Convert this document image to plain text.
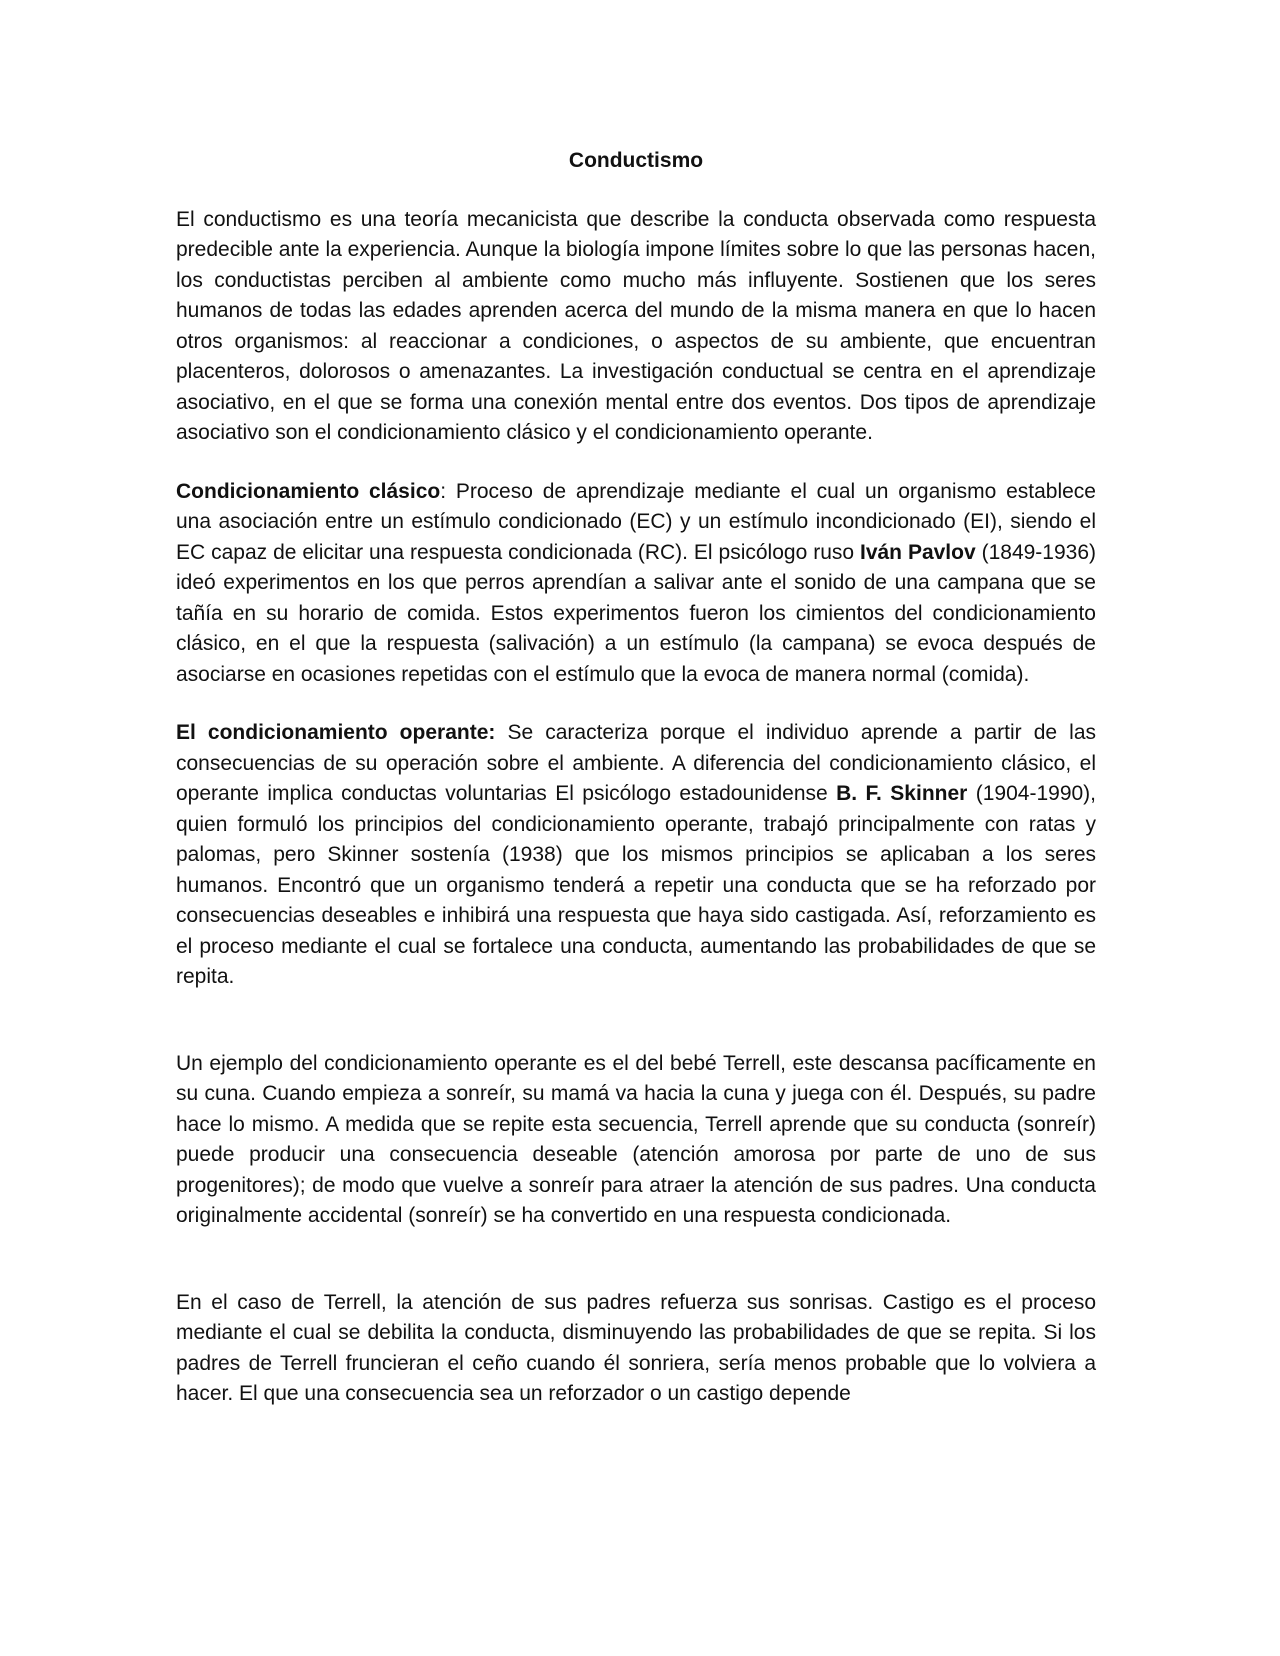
Conductismo

El conductismo es una teoría mecanicista que describe la conducta observada como respuesta predecible ante la experiencia. Aunque la biología impone límites sobre lo que las personas hacen, los conductistas perciben al ambiente como mucho más influyente. Sostienen que los seres humanos de todas las edades aprenden acerca del mundo de la misma manera en que lo hacen otros organismos: al reaccionar a condiciones, o aspectos de su ambiente, que encuentran placenteros, dolorosos o amenazantes. La investigación conductual se centra en el aprendizaje asociativo, en el que se forma una conexión mental entre dos eventos. Dos tipos de aprendizaje asociativo son el condicionamiento clásico y el condicionamiento operante.

Condicionamiento clásico: Proceso de aprendizaje mediante el cual un organismo establece una asociación entre un estímulo condicionado (EC) y un estímulo incondicionado (EI), siendo el EC capaz de elicitar una respuesta condicionada (RC). El psicólogo ruso Iván Pavlov (1849-1936) ideó experimentos en los que perros aprendían a salivar ante el sonido de una campana que se tañía en su horario de comida. Estos experimentos fueron los cimientos del condicionamiento clásico, en el que la respuesta (salivación) a un estímulo (la campana) se evoca después de asociarse en ocasiones repetidas con el estímulo que la evoca de manera normal (comida).

El condicionamiento operante: Se caracteriza porque el individuo aprende a partir de las consecuencias de su operación sobre el ambiente. A diferencia del condicionamiento clásico, el operante implica conductas voluntarias El psicólogo estadounidense B. F. Skinner (1904-1990), quien formuló los principios del condicionamiento operante, trabajó principalmente con ratas y palomas, pero Skinner sostenía (1938) que los mismos principios se aplicaban a los seres humanos. Encontró que un organismo tenderá a repetir una conducta que se ha reforzado por consecuencias deseables e inhibirá una respuesta que haya sido castigada. Así, reforzamiento es el proceso mediante el cual se fortalece una conducta, aumentando las probabilidades de que se repita.

Un ejemplo del condicionamiento operante es el del bebé Terrell, este descansa pacíficamente en su cuna. Cuando empieza a sonreír, su mamá va hacia la cuna y juega con él. Después, su padre hace lo mismo. A medida que se repite esta secuencia, Terrell aprende que su conducta (sonreír) puede producir una consecuencia deseable (atención amorosa por parte de uno de sus progenitores); de modo que vuelve a sonreír para atraer la atención de sus padres. Una conducta originalmente accidental (sonreír) se ha convertido en una respuesta condicionada.

En el caso de Terrell, la atención de sus padres refuerza sus sonrisas. Castigo es el proceso mediante el cual se debilita la conducta, disminuyendo las probabilidades de que se repita. Si los padres de Terrell fruncieran el ceño cuando él sonriera, sería menos probable que lo volviera a hacer. El que una consecuencia sea un reforzador o un castigo depende
